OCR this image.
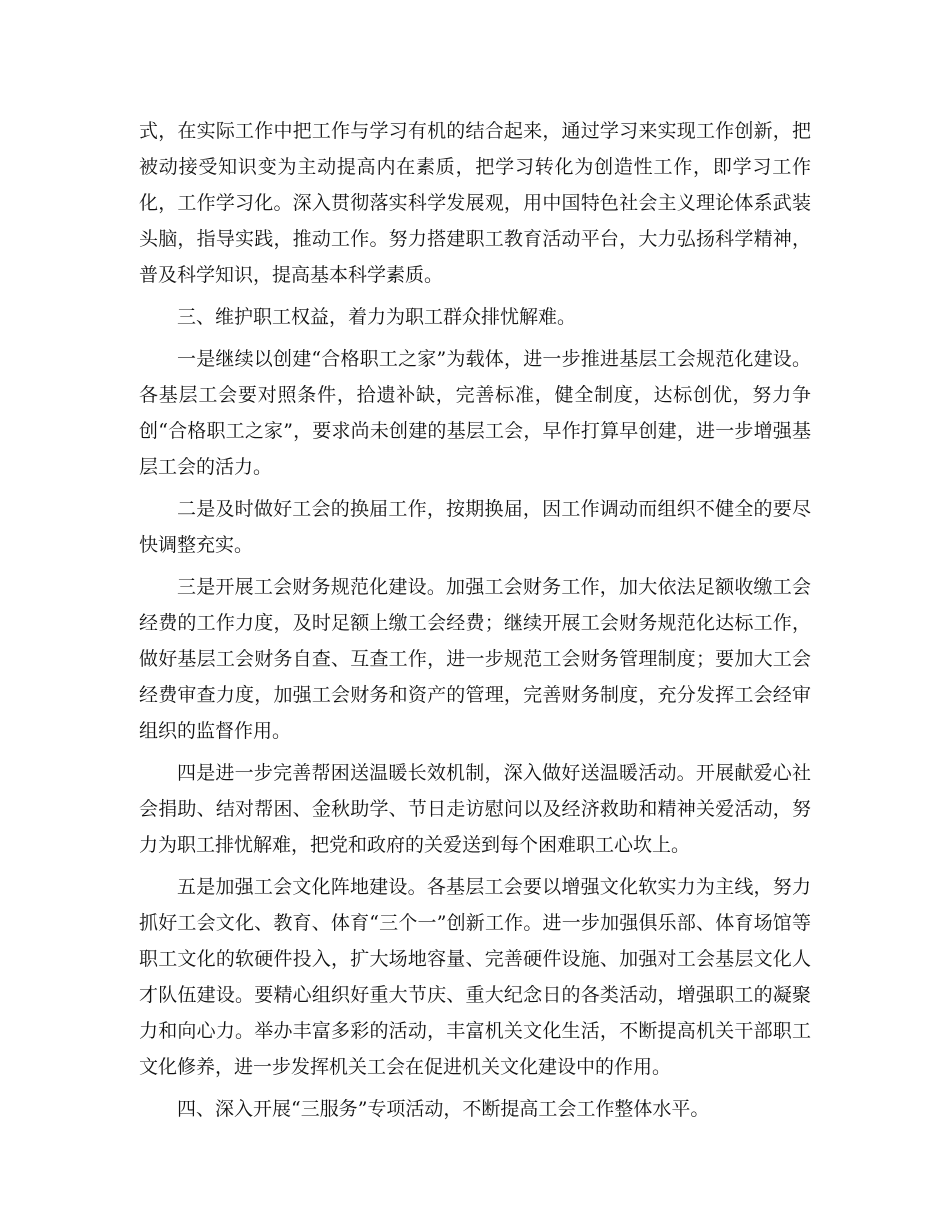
式，在实际工作中把工作与学习有机的结合起来，通过学习来实现工作创新，把被动接受知识变为主动提高内在素质，把学习转化为创造性工作，即学习工作化，工作学习化。深入贯彻落实科学发展观，用中国特色社会主义理论体系武装头脑，指导实践，推动工作。努力搭建职工教育活动平台，大力弘扬科学精神，普及科学知识，提高基本科学素质。

三、维护职工权益，着力为职工群众排忧解难。

一是继续以创建“合格职工之家”为载体，进一步推进基层工会规范化建设。各基层工会要对照条件，拾遗补缺，完善标准，健全制度，达标创优，努力争创“合格职工之家”，要求尚未创建的基层工会，早作打算早创建，进一步增强基层工会的活力。

二是及时做好工会的换届工作，按期换届，因工作调动而组织不健全的要尽快调整充实。

三是开展工会财务规范化建设。加强工会财务工作，加大依法足额收缴工会经费的工作力度，及时足额上缴工会经费；继续开展工会财务规范化达标工作，做好基层工会财务自查、互查工作，进一步规范工会财务管理制度；要加大工会经费审查力度，加强工会财务和资产的管理，完善财务制度，充分发挥工会经审组织的监督作用。

四是进一步完善帮困送温暖长效机制，深入做好送温暖活动。开展献爱心社会捐助、结对帮困、金秋助学、节日走访慰问以及经济救助和精神关爱活动，努力为职工排忧解难，把党和政府的关爱送到每个困难职工心坎上。

五是加强工会文化阵地建设。各基层工会要以增强文化软实力为主线，努力抓好工会文化、教育、体育“三个一”创新工作。进一步加强俱乐部、体育场馆等职工文化的软硬件投入，扩大场地容量、完善硬件设施、加强对工会基层文化人才队伍建设。要精心组织好重大节庆、重大纪念日的各类活动，增强职工的凝聚力和向心力。举办丰富多彩的活动，丰富机关文化生活，不断提高机关干部职工文化修养，进一步发挥机关工会在促进机关文化建设中的作用。

四、深入开展“三服务”专项活动，不断提高工会工作整体水平。
